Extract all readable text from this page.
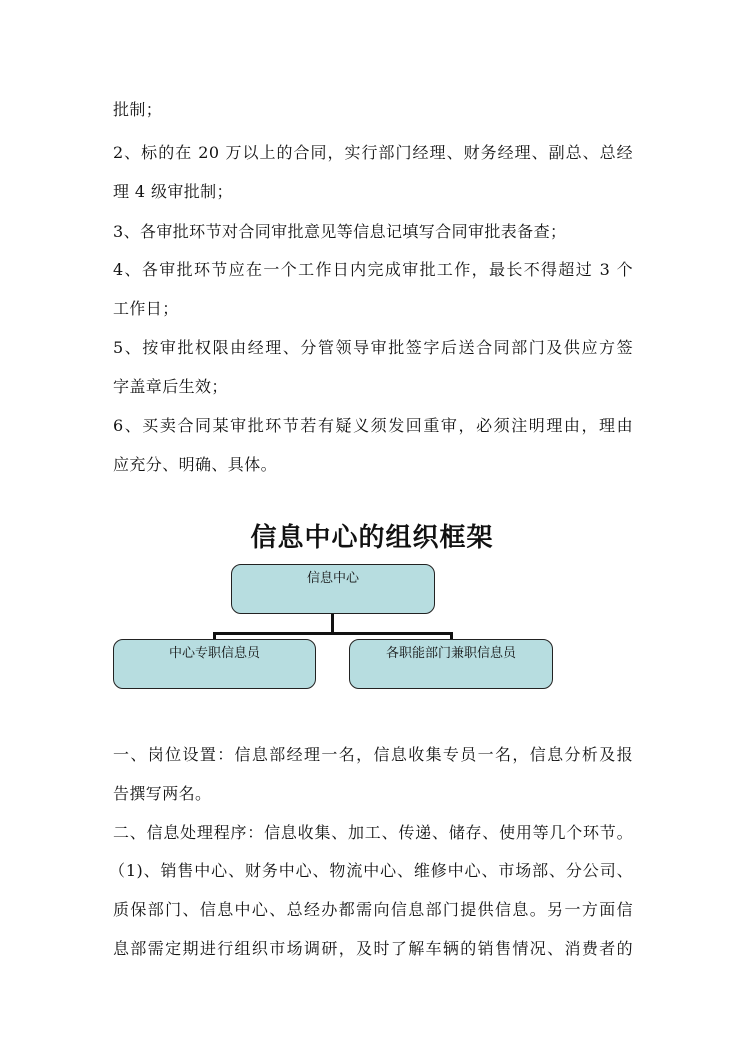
批制；
2、标的在 20 万以上的合同，实行部门经理、财务经理、副总、总经
理 4 级审批制；
3、各审批环节对合同审批意见等信息记填写合同审批表备查；
4、各审批环节应在一个工作日内完成审批工作，最长不得超过 3 个
工作日；
5、按审批权限由经理、分管领导审批签字后送合同部门及供应方签
字盖章后生效；
6、买卖合同某审批环节若有疑义须发回重审，必须注明理由，理由
应充分、明确、具体。
信息中心的组织框架
信息中心
中心专职信息员	各职能部门兼职信息员
一、岗位设置：信息部经理一名，信息收集专员一名，信息分析及报
告撰写两名。
二、信息处理程序：信息收集、加工、传递、储存、使用等几个环节。
（1)、销售中心、财务中心、物流中心、维修中心、市场部、分公司、
质保部门、信息中心、总经办都需向信息部门提供信息。另一方面信
息部需定期进行组织市场调研，及时了解车辆的销售情况、消费者的
